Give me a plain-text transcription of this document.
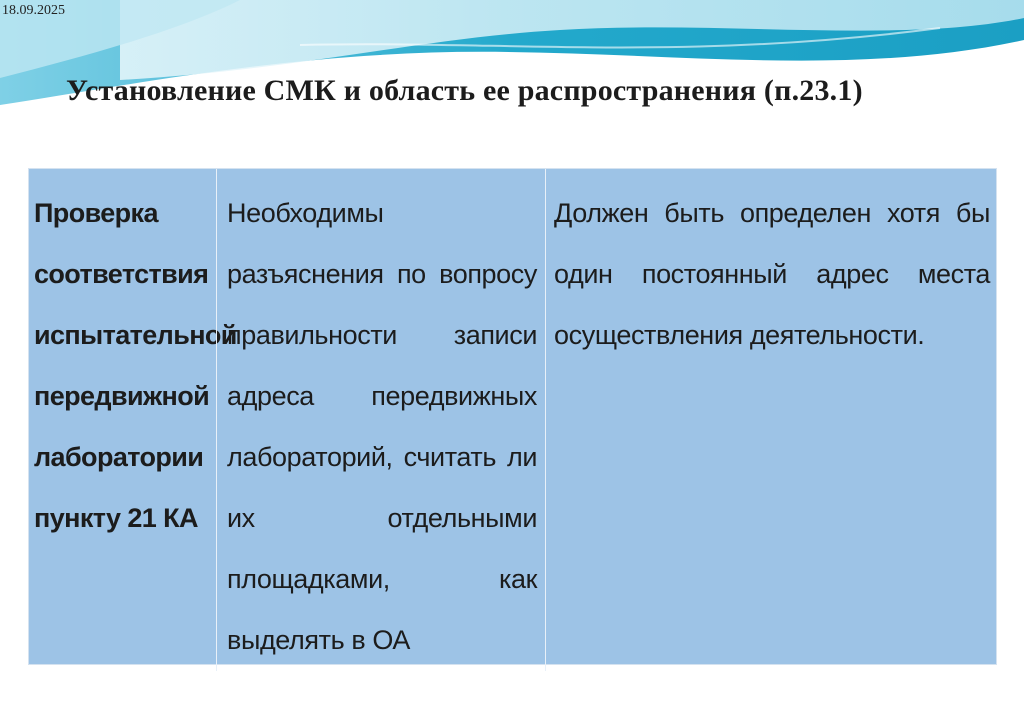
18.09.2025
Установление СМК и область ее распространения (п.23.1)
Проверка соответствия испытательной передвижной лаборатории пункту 21 КА
Необходимы разъяснения по вопросу правильности записи адреса передвижных лабораторий, считать ли их отдельными площадками, как выделять в ОА
Должен быть определен хотя бы один постоянный адрес места осуществления деятельности.
